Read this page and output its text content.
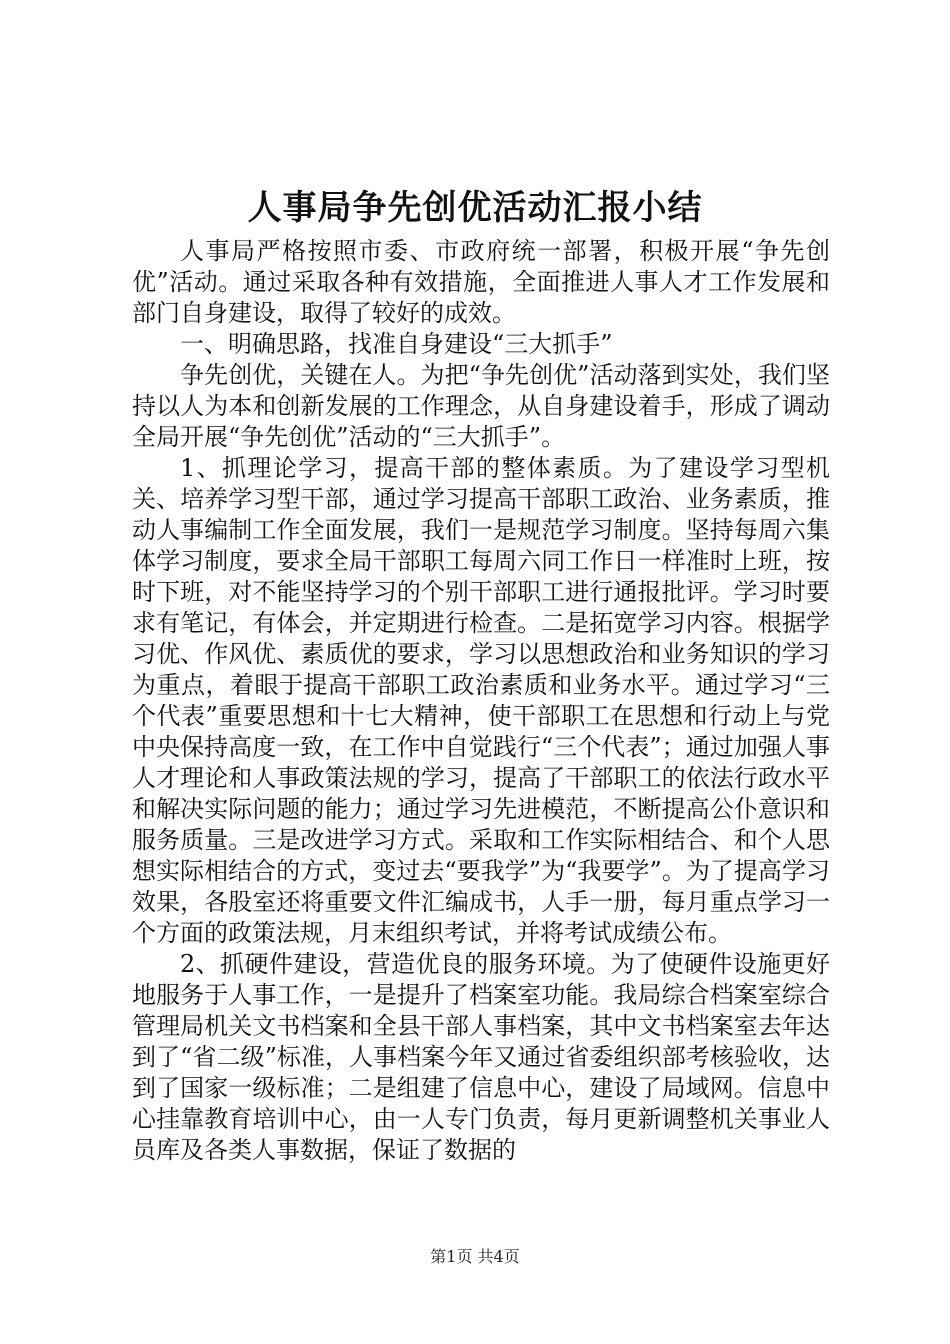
人事局争先创优活动汇报小结

人事局严格按照市委、市政府统一部署，积极开展“争先创优”活动。通过采取各种有效措施，全面推进人事人才工作发展和部门自身建设，取得了较好的成效。

一、明确思路，找准自身建设“三大抓手”

争先创优，关键在人。为把“争先创优”活动落到实处，我们坚持以人为本和创新发展的工作理念，从自身建设着手，形成了调动全局开展“争先创优”活动的“三大抓手”。

1、抓理论学习，提高干部的整体素质。为了建设学习型机关、培养学习型干部，通过学习提高干部职工政治、业务素质，推动人事编制工作全面发展，我们一是规范学习制度。坚持每周六集体学习制度，要求全局干部职工每周六同工作日一样准时上班，按时下班，对不能坚持学习的个别干部职工进行通报批评。学习时要求有笔记，有体会，并定期进行检查。二是拓宽学习内容。根据学习优、作风优、素质优的要求，学习以思想政治和业务知识的学习为重点，着眼于提高干部职工政治素质和业务水平。通过学习“三个代表”重要思想和十七大精神，使干部职工在思想和行动上与党中央保持高度一致，在工作中自觉践行“三个代表”；通过加强人事人才理论和人事政策法规的学习，提高了干部职工的依法行政水平和解决实际问题的能力；通过学习先进模范，不断提高公仆意识和服务质量。三是改进学习方式。采取和工作实际相结合、和个人思想实际相结合的方式，变过去“要我学”为“我要学”。为了提高学习效果，各股室还将重要文件汇编成书，人手一册，每月重点学习一个方面的政策法规，月末组织考试，并将考试成绩公布。

2、抓硬件建设，营造优良的服务环境。为了使硬件设施更好地服务于人事工作，一是提升了档案室功能。我局综合档案室综合管理局机关文书档案和全县干部人事档案，其中文书档案室去年达到了“省二级”标准，人事档案今年又通过省委组织部考核验收，达到了国家一级标准；二是组建了信息中心，建设了局域网。信息中心挂靠教育培训中心，由一人专门负责，每月更新调整机关事业人员库及各类人事数据，保证了数据的

第1页 共4页
